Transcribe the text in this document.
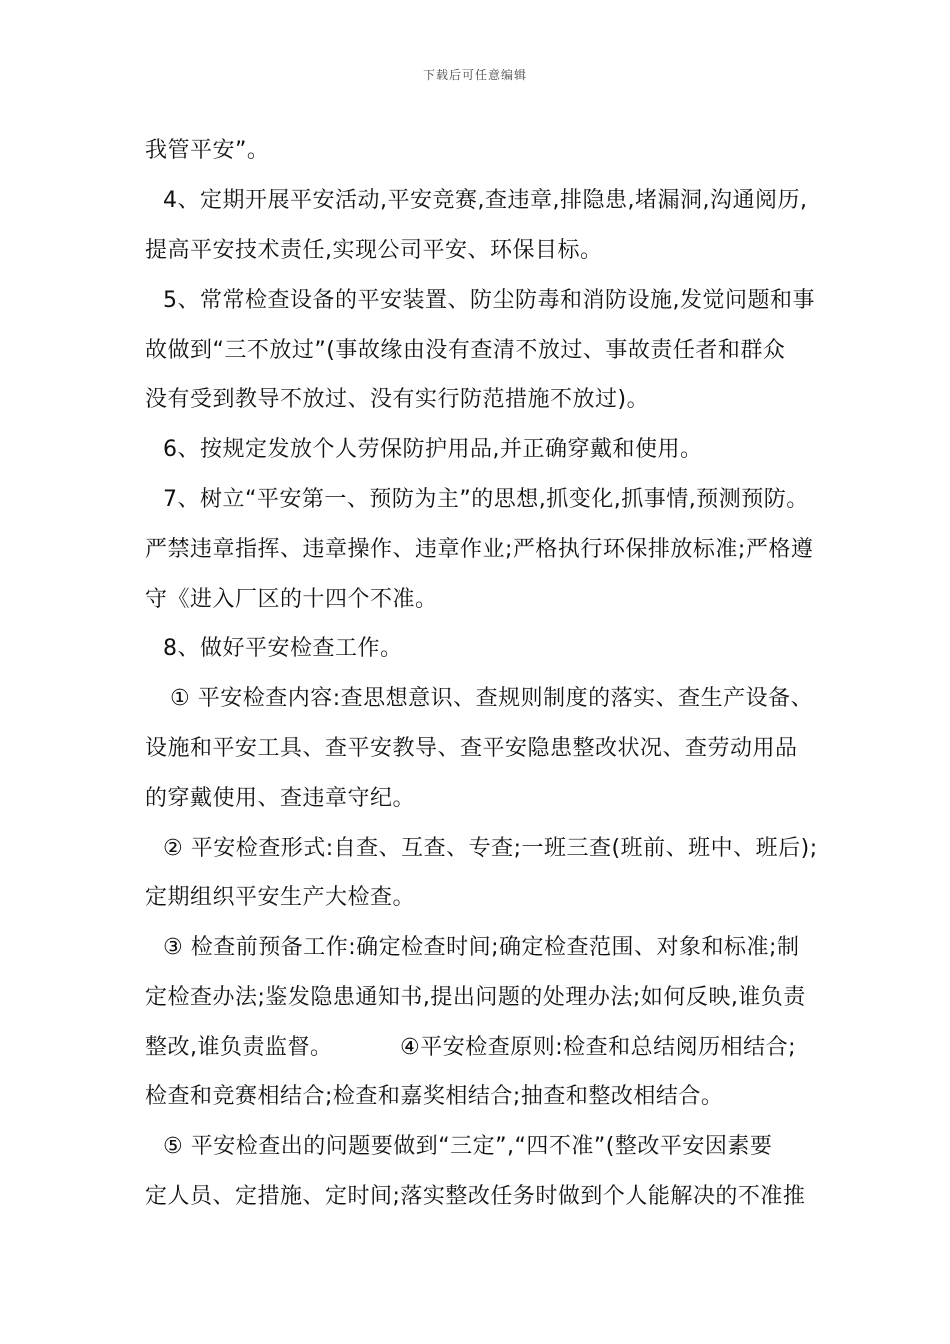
下载后可任意编辑
我管平安”。
4、定期开展平安活动,平安竞赛,查违章,排隐患,堵漏洞,沟通阅历,
提高平安技术责任,实现公司平安、环保目标。
5、常常检查设备的平安装置、防尘防毒和消防设施,发觉问题和事
故做到“三不放过”(事故缘由没有查清不放过、事故责任者和群众
没有受到教导不放过、没有实行防范措施不放过)。
6、按规定发放个人劳保防护用品,并正确穿戴和使用。
7、树立“平安第一、预防为主”的思想,抓变化,抓事情,预测预防。
严禁违章指挥、违章操作、违章作业;严格执行环保排放标准;严格遵
守《进入厂区的十四个不准。
8、做好平安检查工作。
① 平安检查内容:查思想意识、查规则制度的落实、查生产设备、
设施和平安工具、查平安教导、查平安隐患整改状况、查劳动用品
的穿戴使用、查违章守纪。
② 平安检查形式:自查、互查、专查;一班三查(班前、班中、班后);
定期组织平安生产大检查。
③ 检查前预备工作:确定检查时间;确定检查范围、对象和标准;制
定检查办法;鉴发隐患通知书,提出问题的处理办法;如何反映,谁负责
整改,谁负责监督。	④平安检查原则:检查和总结阅历相结合;
检查和竞赛相结合;检查和嘉奖相结合;抽查和整改相结合。
⑤ 平安检查出的问题要做到“三定”,“四不准”(整改平安因素要
定人员、定措施、定时间;落实整改任务时做到个人能解决的不准推
